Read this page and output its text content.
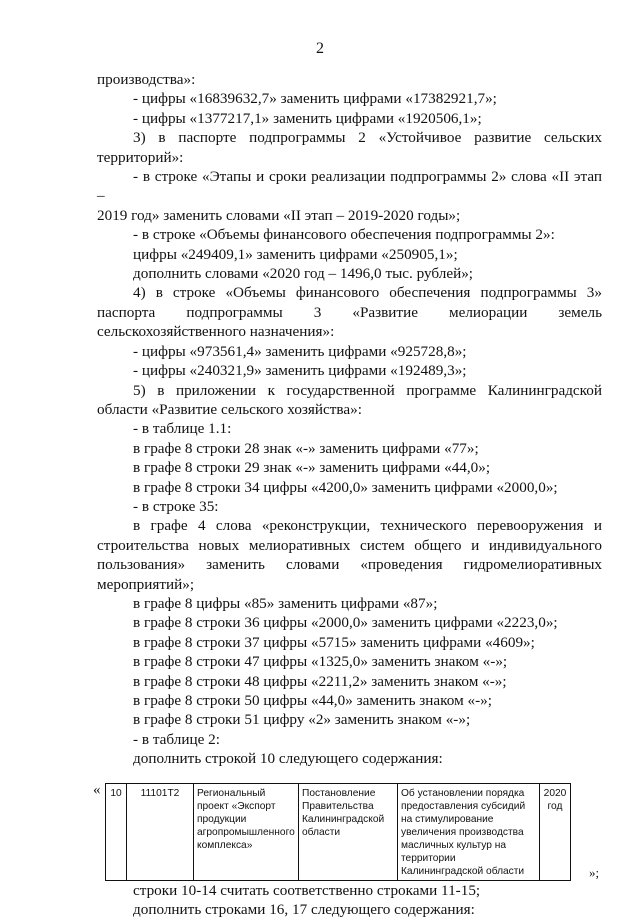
2

производства»:

- цифры «16839632,7» заменить цифрами «17382921,7»;

- цифры «1377217,1» заменить цифрами «1920506,1»;

3) в паспорте подпрограммы 2 «Устойчивое развитие сельских

территорий»:

- в строке «Этапы и сроки реализации подпрограммы 2» слова «II этап –

2019 год» заменить словами «II этап – 2019-2020 годы»;

- в строке «Объемы финансового обеспечения подпрограммы 2»:

цифры «249409,1» заменить цифрами «250905,1»;

дополнить словами «2020 год – 1496,0 тыс. рублей»;

4) в строке «Объемы финансового обеспечения подпрограммы 3»

паспорта подпрограммы 3 «Развитие мелиорации земель

сельскохозяйственного назначения»:

- цифры «973561,4» заменить цифрами «925728,8»;

- цифры «240321,9» заменить цифрами «192489,3»;

5) в приложении к государственной программе Калининградской

области «Развитие сельского хозяйства»:

- в таблице 1.1:

в графе 8 строки 28 знак «-» заменить цифрами «77»;

в графе 8 строки 29 знак «-» заменить цифрами «44,0»;

в графе 8 строки 34 цифры «4200,0» заменить цифрами «2000,0»;

- в строке 35:

в графе 4 слова «реконструкции, технического перевооружения и

строительства новых мелиоративных систем общего и индивидуального

пользования» заменить словами «проведения гидромелиоративных

мероприятий»;

в графе 8 цифры «85» заменить цифрами «87»;

в графе 8 строки 36 цифры «2000,0» заменить цифрами «2223,0»;

в графе 8 строки 37 цифры «5715» заменить цифрами «4609»;

в графе 8 строки 47 цифры «1325,0» заменить знаком «-»;

в графе 8 строки 48 цифры «2211,2» заменить знаком «-»;

в графе 8 строки 50 цифры «44,0» заменить знаком «-»;

в графе 8 строки 51 цифру «2» заменить знаком «-»;

- в таблице 2:

дополнить строкой 10 следующего содержания:

« 10	11101Т2	Региональный проект «Экспорт продукции агропромышленного комплекса»	Постановление Правительства Калининградской области	Об установлении порядка предоставления субсидий на стимулирование увеличения производства масличных культур на территории Калининградской области	2020 год
»;

строки 10-14 считать соответственно строками 11-15;

дополнить строками 16, 17 следующего содержания:
